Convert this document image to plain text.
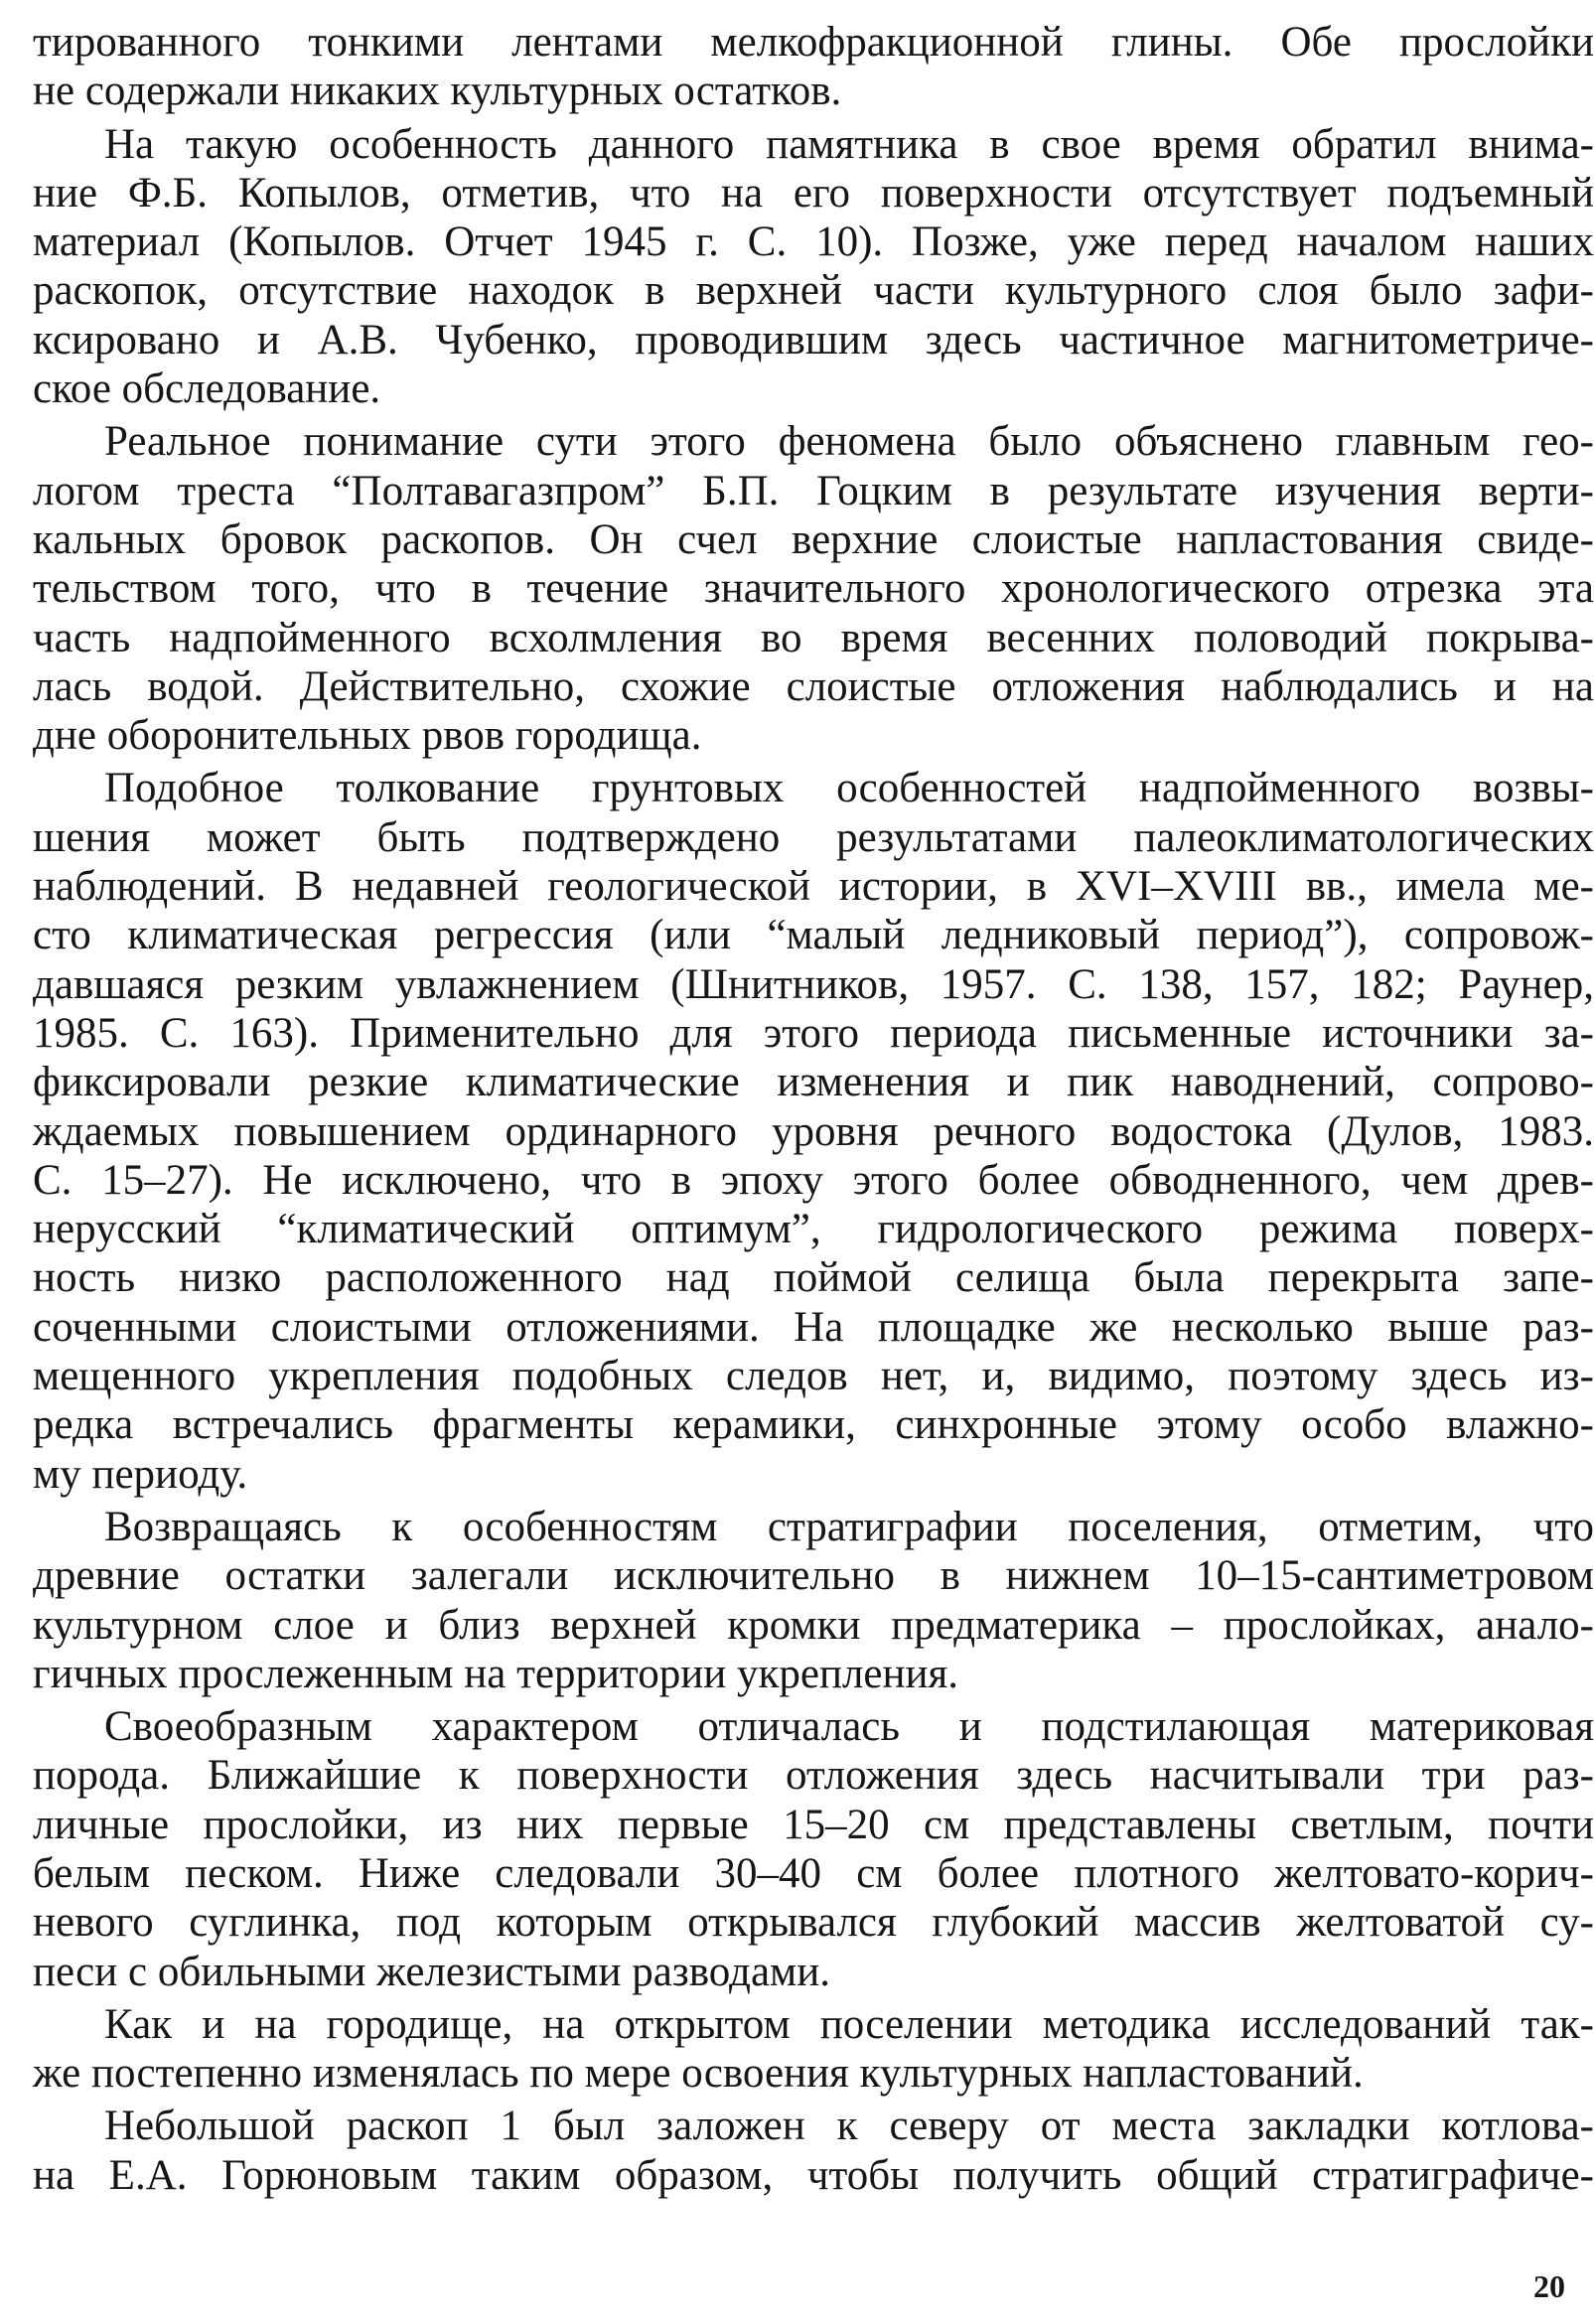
тированного тонкими лентами мелкофракционной глины. Обе прослойки
не содержали никаких культурных остатков.
На такую особенность данного памятника в свое время обратил внима-
ние Ф.Б. Копылов, отметив, что на его поверхности отсутствует подъемный
материал (Копылов. Отчет 1945 г. С. 10). Позже, уже перед началом наших
раскопок, отсутствие находок в верхней части культурного слоя было зафи-
ксировано и А.В. Чубенко, проводившим здесь частичное магнитометриче-
ское обследование.
Реальное понимание сути этого феномена было объяснено главным гео-
логом треста “Полтавагазпром” Б.П. Гоцким в результате изучения верти-
кальных бровок раскопов. Он счел верхние слоистые напластования свиде-
тельством того, что в течение значительного хронологического отрезка эта
часть надпойменного всхолмления во время весенних половодий покрыва-
лась водой. Действительно, схожие слоистые отложения наблюдались и на
дне оборонительных рвов городища.
Подобное толкование грунтовых особенностей надпойменного возвы-
шения может быть подтверждено результатами палеоклиматологических
наблюдений. В недавней геологической истории, в XVI–XVIII вв., имела ме-
сто климатическая регрессия (или “малый ледниковый период”), сопровож-
давшаяся резким увлажнением (Шнитников, 1957. С. 138, 157, 182; Раунер,
1985. С. 163). Применительно для этого периода письменные источники за-
фиксировали резкие климатические изменения и пик наводнений, сопрово-
ждаемых повышением ординарного уровня речного водостока (Дулов, 1983.
С. 15–27). Не исключено, что в эпоху этого более обводненного, чем древ-
нерусский “климатический оптимум”, гидрологического режима поверх-
ность низко расположенного над поймой селища была перекрыта запе-
соченными слоистыми отложениями. На площадке же несколько выше раз-
мещенного укрепления подобных следов нет, и, видимо, поэтому здесь из-
редка встречались фрагменты керамики, синхронные этому особо влажно-
му периоду.
Возвращаясь к особенностям стратиграфии поселения, отметим, что
древние остатки залегали исключительно в нижнем 10–15-сантиметровом
культурном слое и близ верхней кромки предматерика – прослойках, анало-
гичных прослеженным на территории укрепления.
Своеобразным характером отличалась и подстилающая материковая
порода. Ближайшие к поверхности отложения здесь насчитывали три раз-
личные прослойки, из них первые 15–20 см представлены светлым, почти
белым песком. Ниже следовали 30–40 см более плотного желтовато-корич-
невого суглинка, под которым открывался глубокий массив желтоватой су-
песи с обильными железистыми разводами.
Как и на городище, на открытом поселении методика исследований так-
же постепенно изменялась по мере освоения культурных напластований.
Небольшой раскоп 1 был заложен к северу от места закладки котлова-
на Е.А. Горюновым таким образом, чтобы получить общий стратиграфиче-
20
